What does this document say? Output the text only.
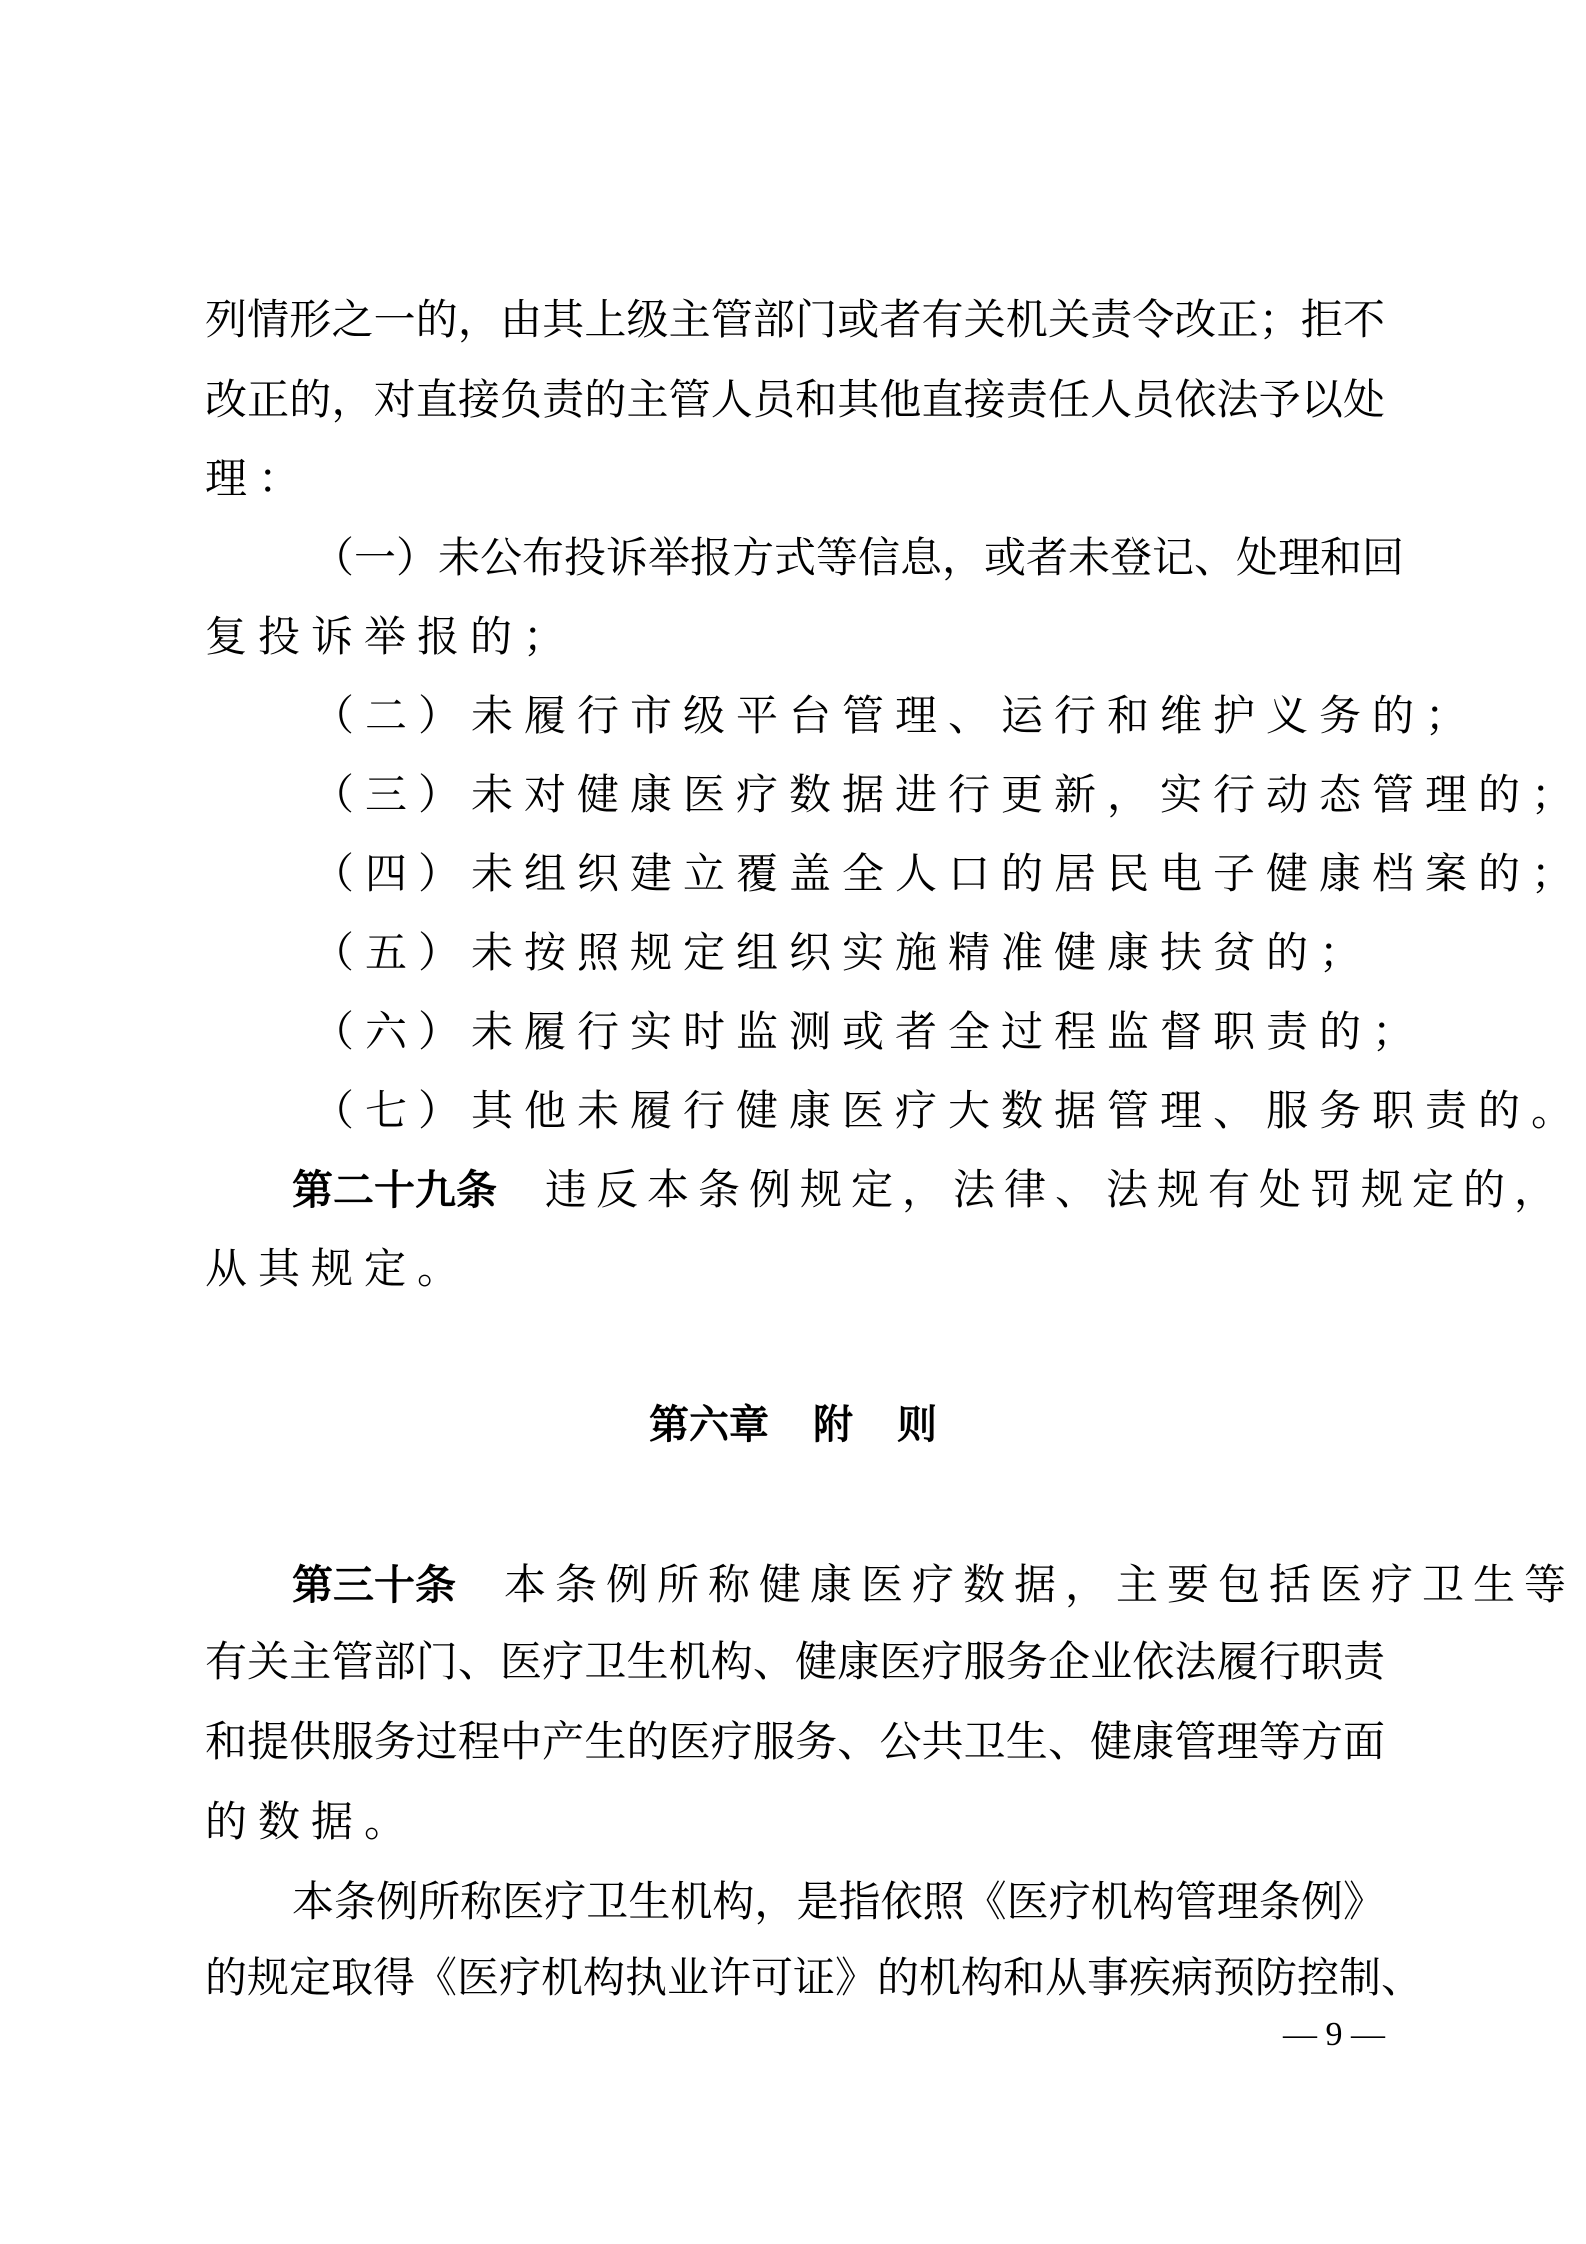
列情形之一的，由其上级主管部门或者有关机关责令改正；拒不
改正的，对直接负责的主管人员和其他直接责任人员依法予以处
理：
（一）未公布投诉举报方式等信息，或者未登记、处理和回
复投诉举报的；
（二）未履行市级平台管理、运行和维护义务的；
（三）未对健康医疗数据进行更新，实行动态管理的；
（四）未组织建立覆盖全人口的居民电子健康档案的；
（五）未按照规定组织实施精准健康扶贫的；
（六）未履行实时监测或者全过程监督职责的；
（七）其他未履行健康医疗大数据管理、服务职责的。
第二十九条 违反本条例规定，法律、法规有处罚规定的，
从其规定。
第六章 附 则
第三十条 本条例所称健康医疗数据，主要包括医疗卫生等
有关主管部门、医疗卫生机构、健康医疗服务企业依法履行职责
和提供服务过程中产生的医疗服务、公共卫生、健康管理等方面
的数据。
本条例所称医疗卫生机构，是指依照《医疗机构管理条例》
的规定取得《医疗机构执业许可证》的机构和从事疾病预防控制、
— 9 —
